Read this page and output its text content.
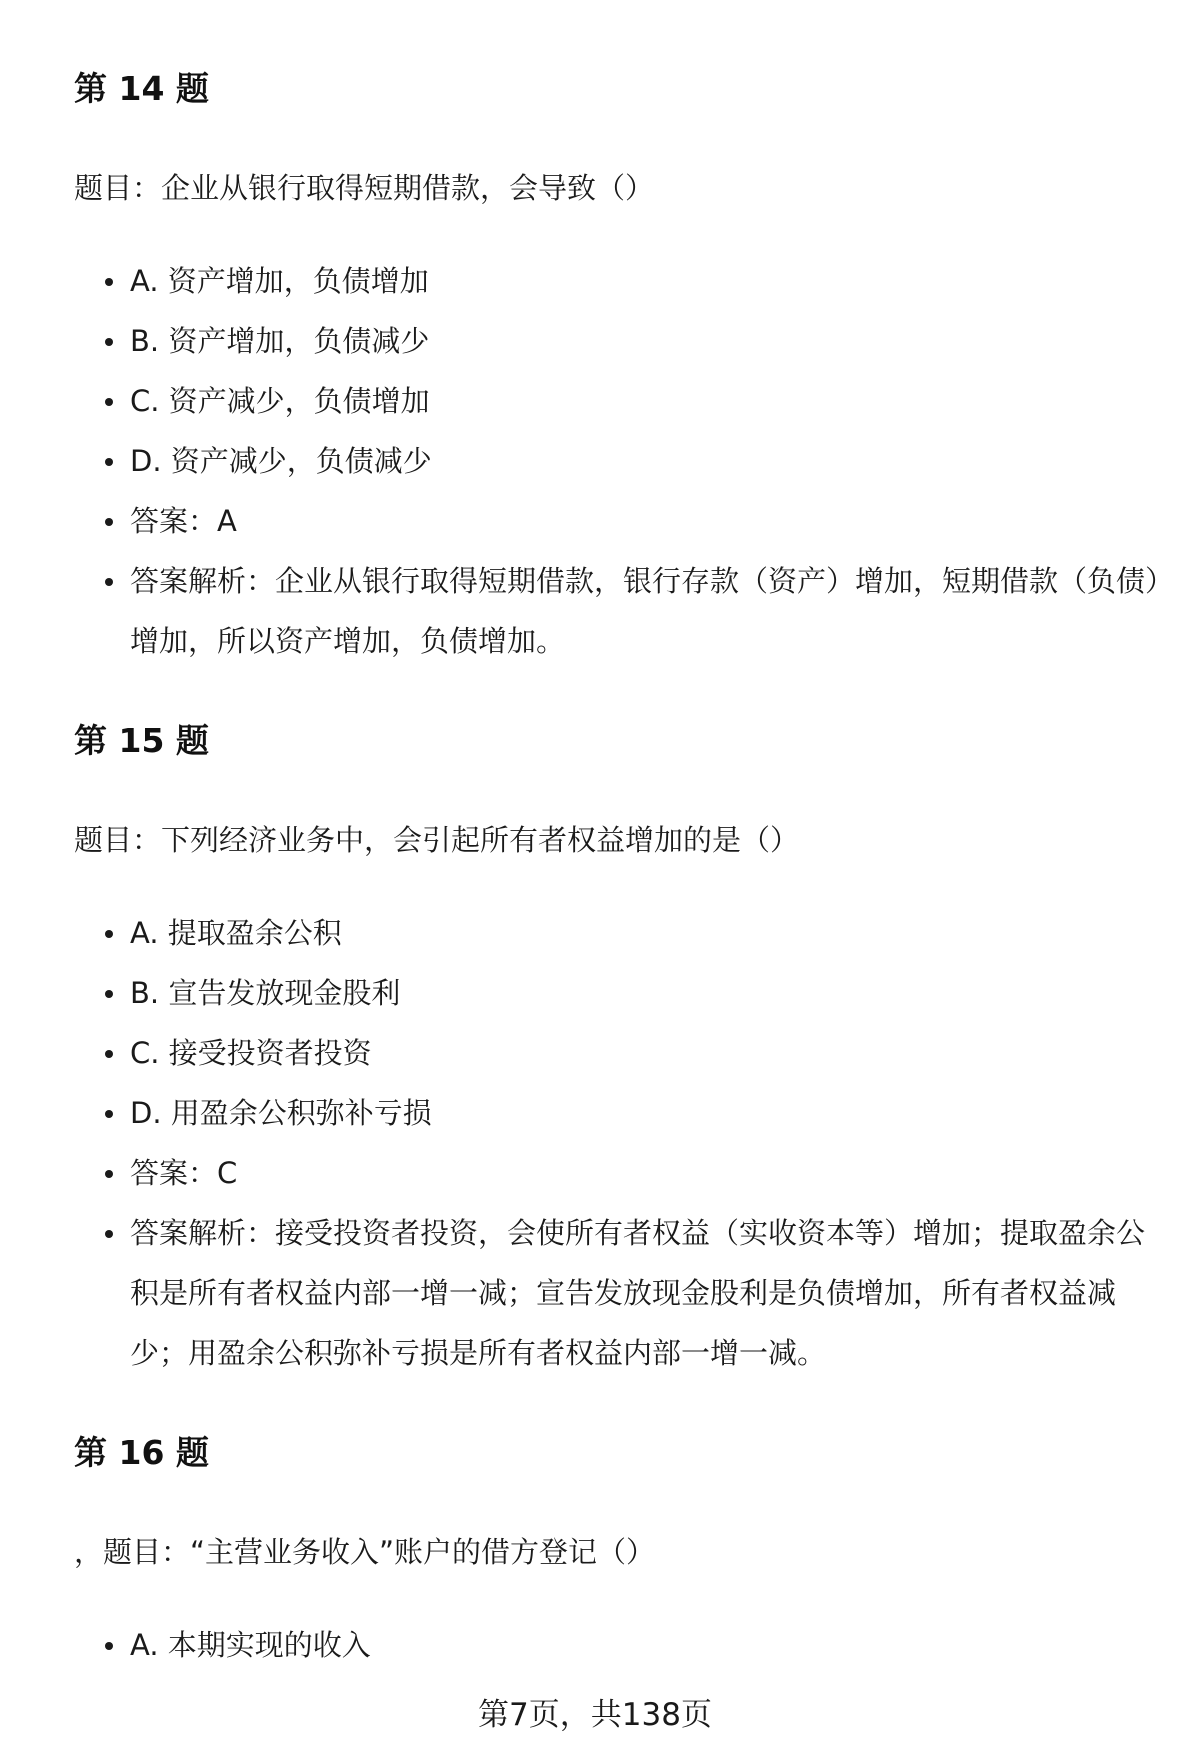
第 14 题

题目：企业从银行取得短期借款，会导致（）

A. 资产增加，负债增加
B. 资产增加，负债减少
C. 资产减少，负债增加
D. 资产减少，负债减少
答案：A
答案解析：企业从银行取得短期借款，银行存款（资产）增加，短期借款（负债）增加，所以资产增加，负债增加。
第 15 题

题目：下列经济业务中，会引起所有者权益增加的是（）

A. 提取盈余公积
B. 宣告发放现金股利
C. 接受投资者投资
D. 用盈余公积弥补亏损
答案：C
答案解析：接受投资者投资，会使所有者权益（实收资本等）增加；提取盈余公积是所有者权益内部一增一减；宣告发放现金股利是负债增加，所有者权益减少；用盈余公积弥补亏损是所有者权益内部一增一减。
第 16 题

，题目：“主营业务收入”账户的借方登记（）

A. 本期实现的收入
第7页，共138页
